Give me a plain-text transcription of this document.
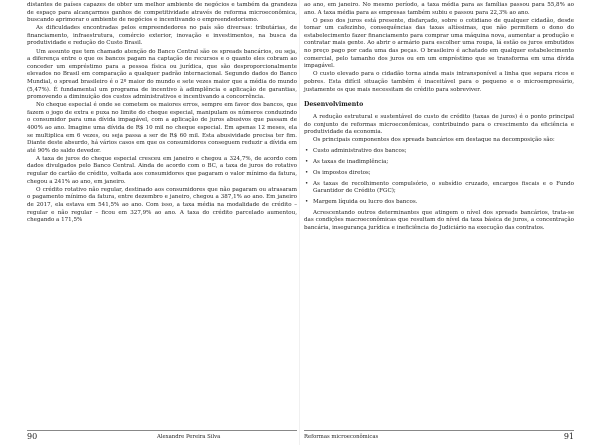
distantes de países capazes de obter um melhor ambiente de negócios e também da grandeza de espaço para alcançarmos ganhos de competitividade através de reforma microeconômica, buscando aprimorar o ambiente de negócios e incentivando o empreendedorismo.

As dificuldades encontradas pelos empreendedores no país são diversas: tributárias, de financiamento, infraestrutura, comércio exterior, inovação e investimentos, na busca da produtividade e redução do Custo Brasil.

Um assunto que tem chamado atenção do Banco Central são os spreads bancários, ou seja, a diferença entre o que os bancos pagam na captação de recursos e o quanto eles cobram ao conceder um empréstimo para a pessoa física ou jurídica, que são desproporcionalmente elevados no Brasil em comparação a qualquer padrão internacional. Segundo dados do Banco Mundial, o spread brasileiro é o 2º maior do mundo e sete vezes maior que a média do mundo (5,47%). É fundamental um programa de incentivo à adimplência e aplicação de garantias, promovendo a diminuição dos custos administrativos e incentivando a concorrência.

No cheque especial é onde se cometem os maiores erros, sempre em favor dos bancos, que fazem o jogo de extra e puxa no limite do cheque especial, manipulam os números conduzindo o consumidor para uma dívida impagável, com a aplicação de juros abusivos que passam de 400% ao ano. Imagine uma dívida de R$ 10 mil no cheque especial. Em apenas 12 meses, ela se multiplica em 6 vezes, ou seja passa a ser de R$ 60 mil. Esta abusividade precisa ter fim. Diante deste absurdo, há vários casos em que os consumidores conseguem reduzir a dívida em até 90% do saldo devedor.

A taxa de juros do cheque especial cresceu em janeiro e chegou a 324,7%, de acordo com dados divulgados pelo Banco Central. Ainda de acordo com o BC, a taxa de juros do rotativo regular do cartão de crédito, voltada aos consumidores que pagaram o valor mínimo da fatura, chegou a 241% ao ano, em janeiro.

O crédito rotativo não regular, destinado aos consumidores que não pagaram ou atrasaram o pagamento mínimo da fatura, entre dezembro e janeiro, chegou a 387,1% ao ano. Em janeiro de 2017, ela estava em 541,5% ao ano. Com isso, a taxa média na modalidade de crédito – regular e não regular – ficou em 327,9% ao ano. A taxa do crédito parcelado aumentou, chegando a 171,5%

90	Alexandre Pereira Silva

ao ano, em janeiro. No mesmo período, a taxa média para as famílias passou para 55,8% ao ano. A taxa média para as empresas também subiu e passou para 22,3% ao ano.

O peso dos juros está presente, disfarçado, sobre o cotidiano de qualquer cidadão, desde tomar um cafezinho, consequências das taxas altíssimas, que não permitem o dono do estabelecimento fazer financiamento para comprar uma máquina nova, aumentar a produção e contratar mais gente. Ao abrir o armário para escolher uma roupa, lá estão os juros embutidos no preço pago por cada uma das peças. O brasileiro é achatado em qualquer estabelecimento comercial, pelo tamanho dos juros ou em um empréstimo que se transforma em uma dívida impagável.

O custo elevado para o cidadão torna ainda mais intransponível a linha que separa ricos e pobres. Esta difícil situação também é inaceitável para o pequeno e o microempresário, justamente os que mais necessitam de crédito para sobreviver.

Desenvolvimento

A redução estrutural e sustentável do custo de crédito (taxas de juros) é o ponto principal do conjunto de reformas microeconômicas, contribuindo para o crescimento da eficiência e produtividade da economia.

Os principais componentes dos spreads bancários em destaque na decomposição são:

• Custo administrativo dos bancos;
• As taxas de inadimplência;
• Os impostos diretos;
• As taxas de recolhimento compulsório, o subsídio cruzado, encargos fiscais e o Fundo Garantidor de Crédito (FGC);
• Margem líquida ou lucro dos bancos.

Acrescentando outros determinantes que atingem o nível dos spreads bancários, trata-se das condições macroeconômicas que resultam do nível da taxa básica de juros, a concentração bancária, insegurança jurídica e ineficiência do Judiciário na execução das contratos.

Reformas microeconômicas	91
